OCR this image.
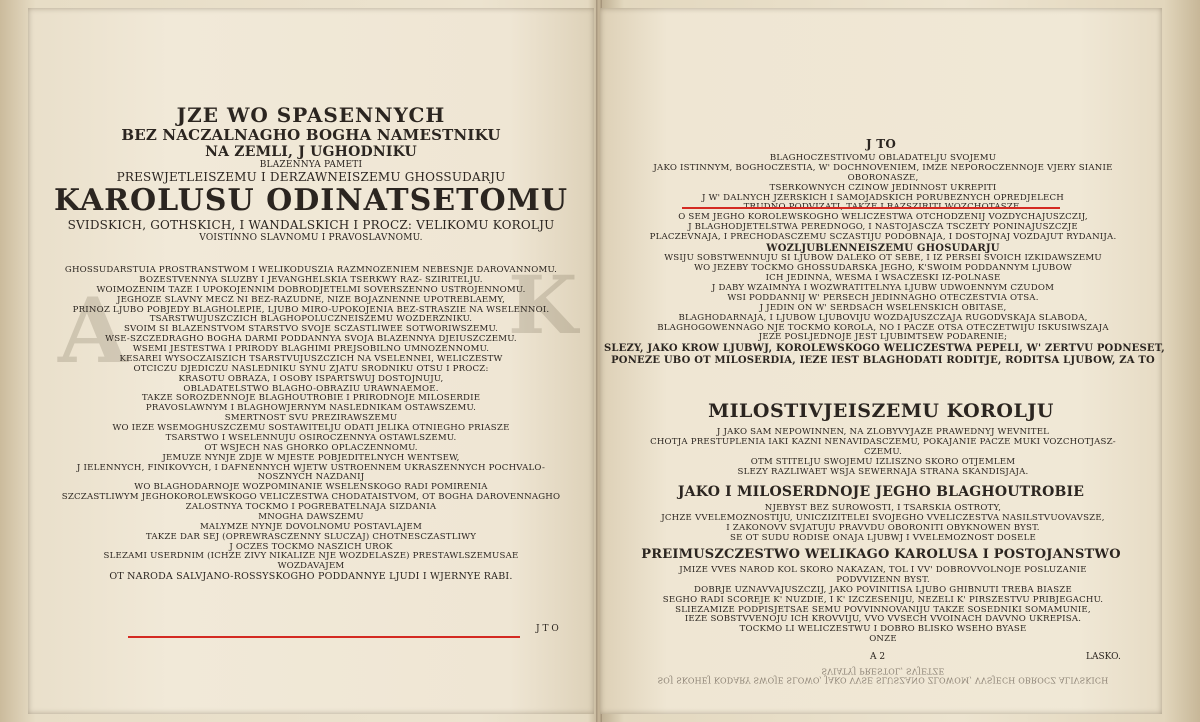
A	K
JZE WO SPASENNYCH
BEZ NACZALNAGHO BOGHA NAMESTNIKU
NA ZEMLI, J UGHODNIKU
BLAZENNYA PAMETI
PRESWJETLEISZEMU I DERZAWNEISZEMU GHOSSUDARJU
KAROLUSU ODINATSETOMU
SVIDSKICH, GOTHSKICH, I WANDALSKICH I PROCZ: VELIKOMU KOROLJU
VOISTINNO SLAVNOMU I PRAVOSLAVNOMU.
GHOSSUDARSTUIA PROSTRANSTWOM I WELIKODUSZIA RAZMNOZENIEM NEBESNJE DAROVANNOMU.
BOZESTVENNYA SLUZBY I JEVANGHELSKIA TSERKWY RAZ- SZIRITELJU.
WOIMOZENIM TAZE I UPOKOJENNIM DOBRODJETELMI SOVERSZENNO USTROJENNOMU.
JEGHOZE SLAVNY MECZ NI BEZ-RAZUDNE, NIZE BOJAZNENNE UPOTREBLAEMY,
PRINOZ LJUBO POBJEDY BLAGHOLEPIE, LJUBO MIRO-UPOKOJENIA BEZ-STRASZIE NA WSELENNOI.
TSARSTWUJUSZCZICH BLAGHOPOLUCZNEISZEMU WOZDERZNIKU.
SVOIM SI BLAZENSTVOM STARSTVO SVOJE SCZASTLIWEE SOTWORIWSZEMU.
WSE-SZCZEDRAGHO BOGHA DARMI PODDANNYA SVOJA BLAZENNYA DJEIUSZCZEMU.
WSEMI JESTESTWA I PRIRODY BLAGHIMI PREJSOBILNO UMNOZENNOMU.
KESAREI WYSOCZAISZICH TSARSTVUJUSZCZICH NA VSELENNEI, WELICZESTW
OTCICZU DJEDICZU NASLEDNIKU SYNU ZJATU SRODNIKU OTSU I PROCZ:
KRASOTU OBRAZA, I OSOBY ISPARTSWUJ DOSTOJNUJU,
OBLADATELSTWO BLAGHO-OBRAZIU URAWNAEMOE.
TAKZE SOROZDENNOJE BLAGHOUTROBIE I PRIRODNOJE MILOSERDIE
PRAVOSLAWNYM I BLAGHOWJERNYM NASLEDNIKAM OSTAWSZEMU.
SMERTNOST SVU PREZIRAWSZEMU
WO IEZE WSEMOGHUSZCZEMU SOSTAWITELJU ODATI JELIKA OTNIEGHO PRIASZE
TSARSTWO I WSELENNUJU OSIROCZENNYA OSTAWLSZEMU.
OT WSJECH NAS GHORKO OPLACZENNOMU.
JEMUZE NYNJE ZDJE W MJESTE POBJEDITELNYCH WENTSEW,
J IELENNYCH, FINIKOVYCH, I DAFNENNYCH WJETW USTROENNEM UKRASZENNYCH POCHVALO-
NOSZNYCH NAZDANIJ
WO BLAGHODARNOJE WOZPOMINANIE WSELENSKOGO RADI POMIRENIA
SZCZASTLIWYM JEGHOKOROLEWSKOGO VELICZESTWA CHODATAISTVOM, OT BOGHA DAROVENNAGHO
ZALOSTNYA TOCKMO I POGREBATELNAJA SIZDANIA
MNOGHA DAWSZEMU
MALYMZE NYNJE DOVOLNOMU POSTAVLAJEM
TAKZE DAR SEJ (OPREWRASCZENNY SLUCZAJ) CHOTNESCZASTLIWY
J OCZES TOCKMO NASZICH UROK
SLEZAMI USERDNIM (ICHZE ZIVY NIKALIZE NJE WOZDELASZE) PRESTAWLSZEMUSAE
WOZDAVAJEM
OT NARODA SALVJANO-ROSSYSKOGHO PODDANNYE LJUDI I WJERNYE RABI.
J T O
J TO
BLAGHOCZESTIVOMU OBLADATELJU SVOJEMU
JAKO ISTINNYM, BOGHOCZESTIA, W' DOCHNOVENIEM, IMZE NEPOROCZENNOJE VJERY SIANIE
OBORONASZE,
TSERKOWNYCH CZINOW JEDINNOST UKREPITI
J W' DALNYCH JZERSKICH I SAMOJADSKICH PORUBEZNYCH OPREDJELECH
O SEM JEGHO KOROLEWSKOGHO WELICZESTWA OTCHODZENIJ VOZDYCHAJUSZCZIJ,
J BLAGHODJETELSTWA PEREDNOGO, I NASTOJASCZA TSCZETY PONINAJUSZCZJE
PLACZEVNAJA, I PRECHODASCZEMU SCZASTIJU PODOBNAJA, I DOSTOJNAJ VOZDAJUT RYDANIJA.
WOZLJUBLENNEISZEMU GHOSUDARJU
WSIJU SOBSTWENNUJU SI LJUBOW DALEKO OT SEBE, I IZ PERSEI SVOICH IZKIDAWSZEMU
WO JEZEBY TOCKMO GHOSSUDARSKA JEGHO, K'SWOIM PODDANNYM LJUBOW
ICH JEDINNA, WESMA I WSACZESKI IZ-POLNASE
J DABY WZAIMNYA I WOZWRATITELNYA LJUBW UDWOENNYM CZUDOM
WSI PODDANNIJ W' PERSECH JEDINNAGHO OTECZESTVIA OTSA.
J JEDIN ON W' SERDSACH WSELENSKICH OBITASE,
BLAGHODARNAJA, I LJUBOW LJUBOVIJU WOZDAJUSZCZAJA RUGODVSKAJA SLABODA,
BLAGHOGOWENNAGO NJE TOCKMO KOROLA, NO I PACZE OTSA OTECZETWIJU ISKUSIWSZAJA
JEZE POSLJEDNOJE JEST LJUBIMTSEW PODARENIE;
SLEZY, JAKO KROW LJUBWJ, KOROLEWSKOGO WELICZESTWA PEPELI, W' ZERTVU PODNESET,
PONEZE UBO OT MILOSERDIA, IEZE IEST BLAGHODATI RODITJE, RODITSA LJUBOW, ZA TO
MILOSTIVJEISZEMU KOROLJU
J JAKO SAM NEPOWINNEN, NA ZLOBYVYJAZE PRAWEDNYJ WEVNITEL
CHOTJA PRESTUPLENIA IAKI KAZNI NENAVIDASCZEMU, POKAJANIE PACZE MUKI VOZCHOTJASZ-
CZEMU.
OTM STITELJU SWOJEMU IZLISZNO SKORO OTJEMLEM
SLEZY RAZLIWAET WSJA SEWERNAJA STRANA SKANDISJAJA.
JAKO I MILOSERDNOJE JEGHO BLAGHOUTROBIE
NJEBYST BEZ SUROWOSTI, I TSARSKIA OSTROTY,
JCHZE VVELEMOZNOSTIJU, UNICZIZITELEI SVOJEGHO VVELICZESTVA NASILSTVUOVAVSZE,
I ZAKONOVV SVJATUJU PRAVVDU OBORONITI OBYKNOWEN BYST.
SE OT SUDU RODISE ONAJA LJUBWJ I VVELEMOZNOST DOSELE
PREIMUSZCZESTWO WELIKAGO KAROLUSA I POSTOJANSTWO
JMIZE VVES NAROD KOL SKORO NAKAZAN, TOL I VV' DOBROVVOLNOJE POSLUZANIE
PODVVIZENN BYST.
DOBRJE UZNAVVAJUSZCZIJ, JAKO POVINITISA LJUBO GHIBNUTI TREBA BIASZE
SEGHO RADI SCOREJE K' NUZDIE, I K' IZCZESENIJU, NEZELI K' PIRSZESTVU PRIBJEGACHU.
SLIEZAMIZE PODPISJETSAE SEMU POVVINNOVANIJU TAKZE SOSEDNIKI SOMAMUNIE,
IEZE SOBSTVVENOJU ICH KROVVIJU, VVO VVSECH VVOINACH DAVVNO UKREPISA.
TOCKMO LI WELICZESTWU I DOBRO BLISKO WSEHO BYASE
ONZE
A 2	LASKO.
SOJ SKOHEJ KODARY SWOJE SLOWO, JAKO VVSE SLUSZANO ZLOWOM, VVSJECH OBROCZ ALIVSKICH
SVIATYJ PRESTOL, SVJETZE
